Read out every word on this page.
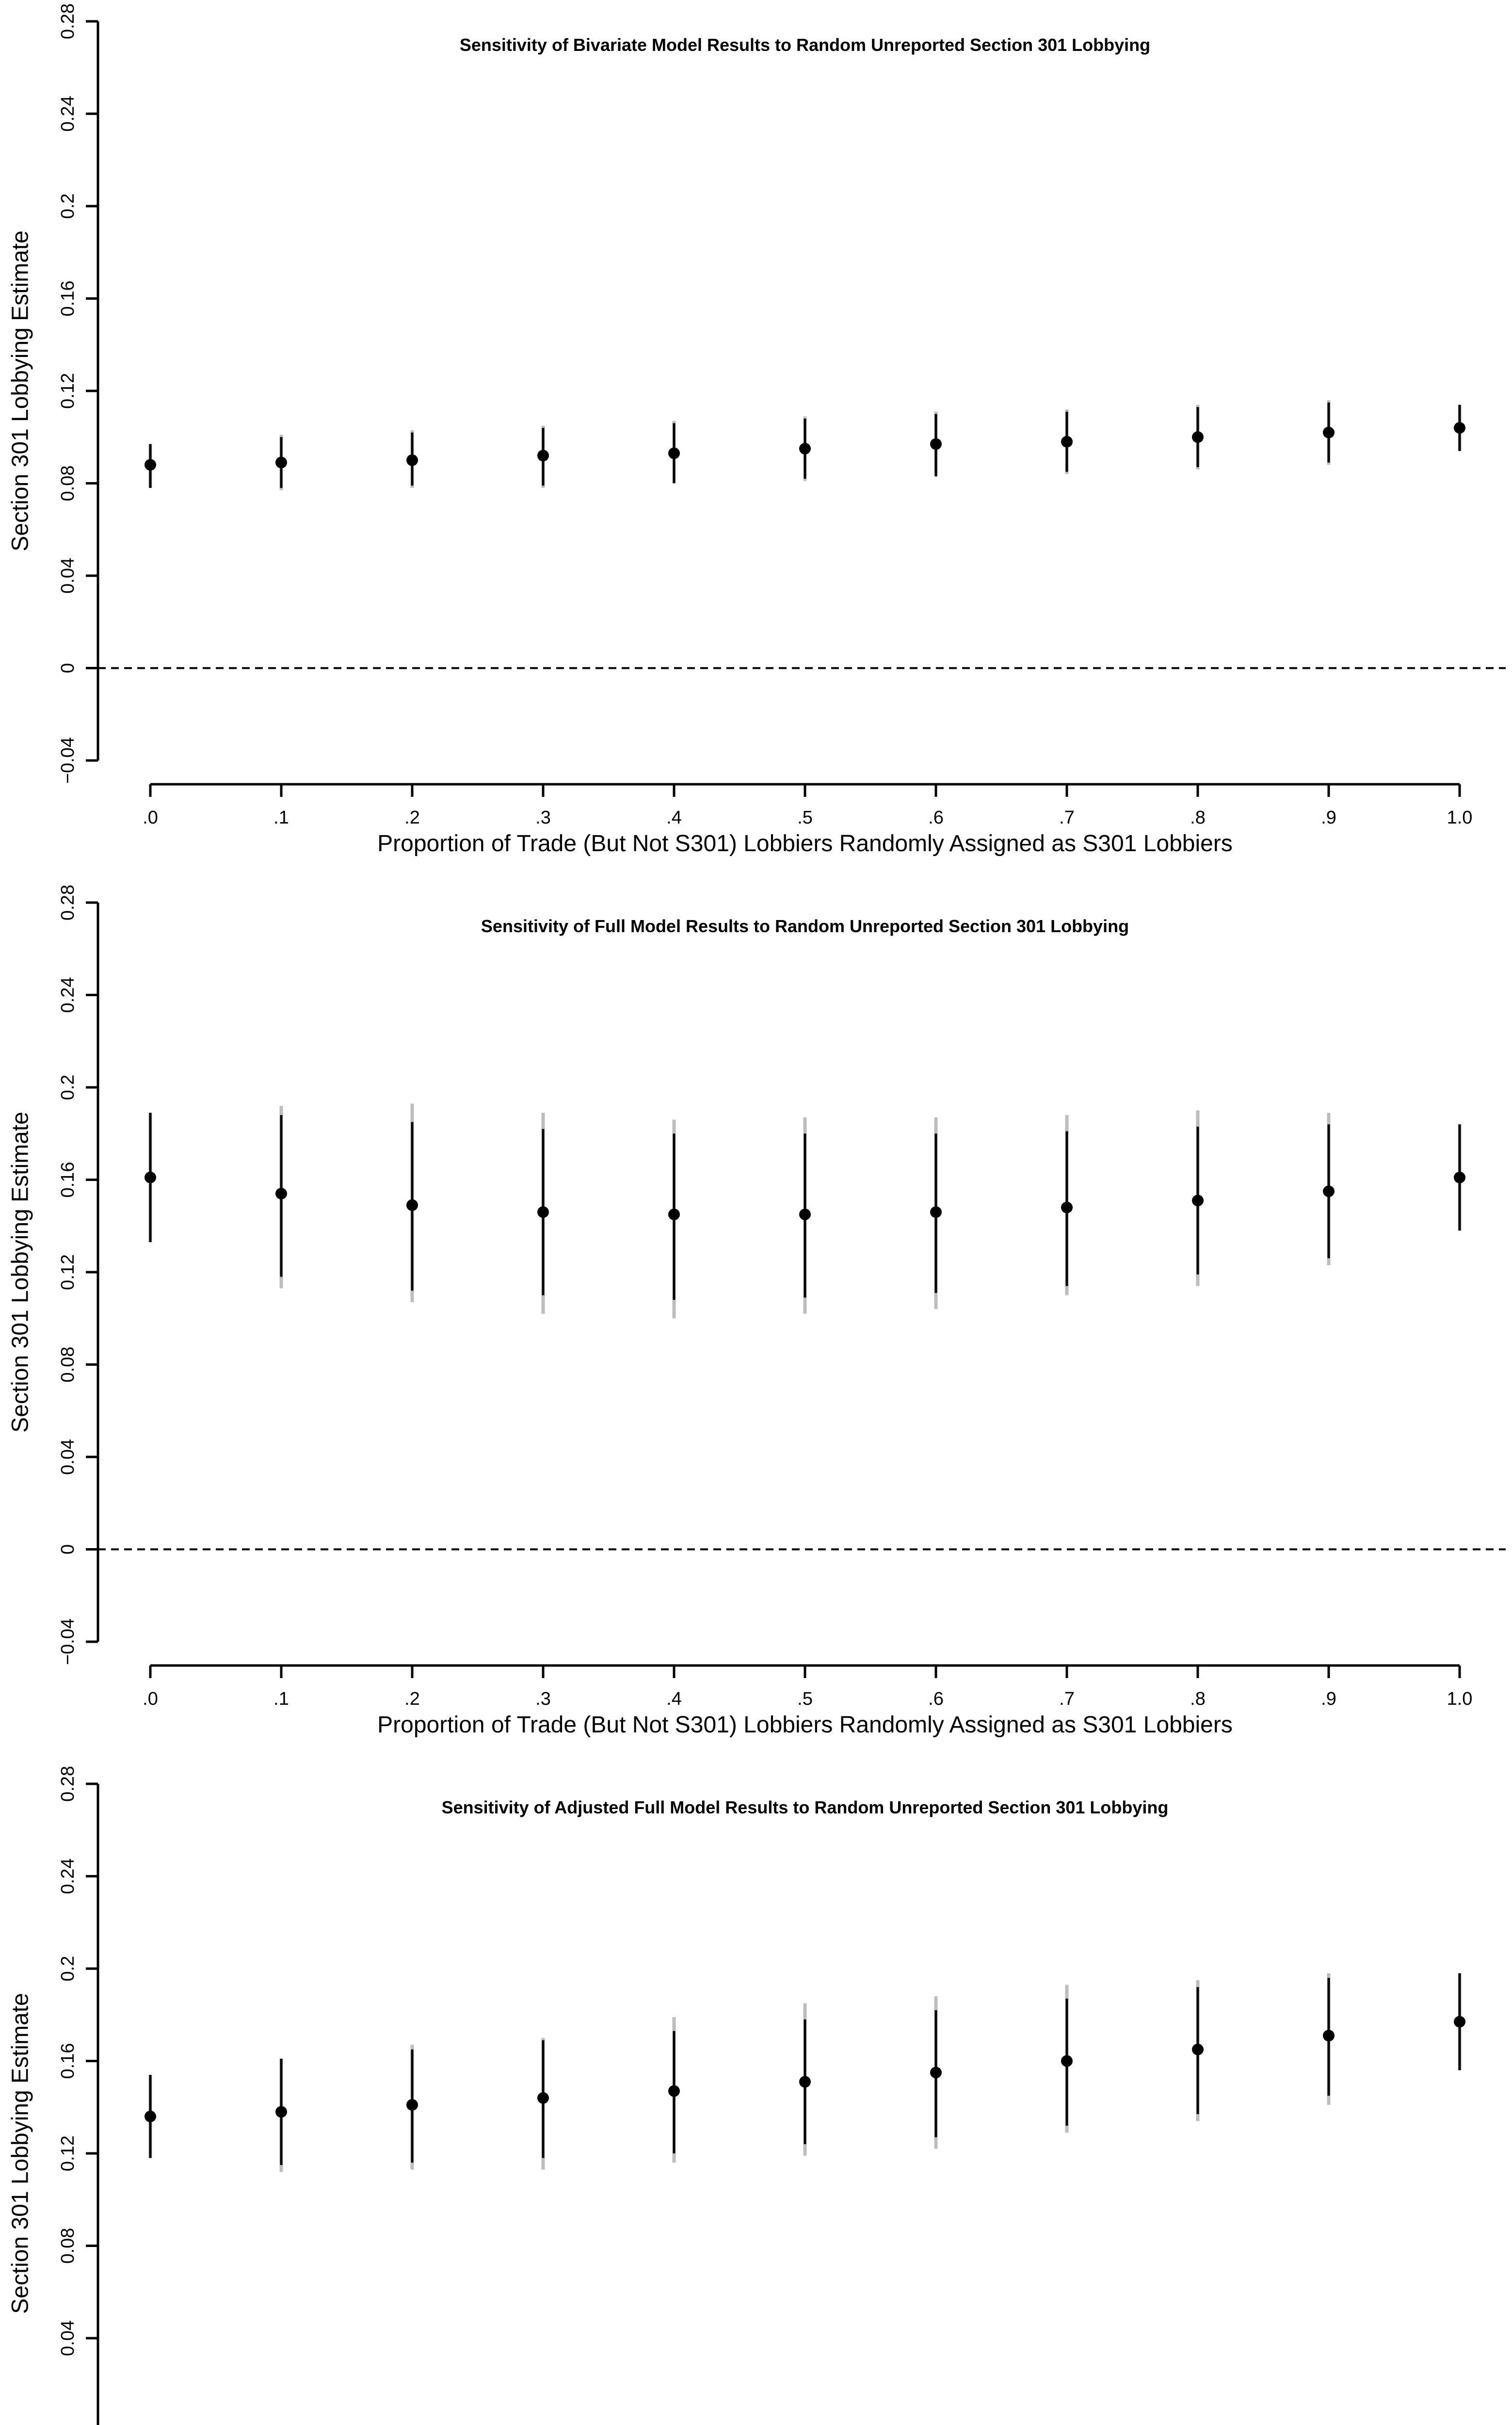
Sensitivity of Bivariate Model Results to Random Unreported Section 301 Lobbying
−0.04
0
0.04
0.08
0.12
0.16
0.2
0.24
0.28
Section 301 Lobbying Estimate
.0	.1	.2	.3	.4	.5	.6	.7	.8	.9	1.0
Proportion of Trade (But Not S301) Lobbiers Randomly Assigned as S301 Lobbiers
Sensitivity of Full Model Results to Random Unreported Section 301 Lobbying
−0.04
0
0.04
0.08
0.12
0.16
0.2
0.24
0.28
Section 301 Lobbying Estimate
.0	.1	.2	.3	.4	.5	.6	.7	.8	.9	1.0
Proportion of Trade (But Not S301) Lobbiers Randomly Assigned as S301 Lobbiers
Sensitivity of Adjusted Full Model Results to Random Unreported Section 301 Lobbying
0.04
0.08
0.12
0.16
0.2
0.24
0.28
Section 301 Lobbying Estimate
